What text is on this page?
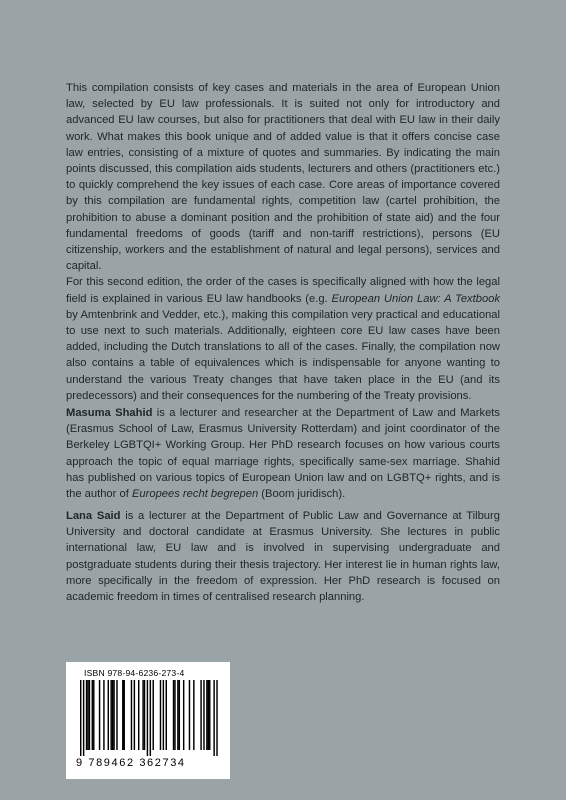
This compilation consists of key cases and materials in the area of European Union law, selected by EU law professionals. It is suited not only for introductory and advanced EU law courses, but also for practitioners that deal with EU law in their daily work. What makes this book unique and of added value is that it offers concise case law entries, consisting of a mixture of quotes and summaries. By indicating the main points discussed, this compilation aids students, lecturers and others (practitioners etc.) to quickly comprehend the key issues of each case. Core areas of importance covered by this compilation are fundamental rights, competition law (cartel prohibition, the prohibition to abuse a dominant position and the prohibition of state aid) and the four fundamental freedoms of goods (tariff and non-tariff restrictions), persons (EU citizenship, workers and the establishment of natural and legal persons), services and capital.

For this second edition, the order of the cases is specifically aligned with how the legal field is explained in various EU law handbooks (e.g. European Union Law: A Textbook by Amtenbrink and Vedder, etc.), making this compilation very practical and educational to use next to such materials. Additionally, eighteen core EU law cases have been added, including the Dutch translations to all of the cases. Finally, the compilation now also contains a table of equivalences which is indispensable for anyone wanting to understand the various Treaty changes that have taken place in the EU (and its predecessors) and their consequences for the numbering of the Treaty provisions.

Masuma Shahid is a lecturer and researcher at the Department of Law and Markets (Erasmus School of Law, Erasmus University Rotterdam) and joint coordinator of the Berkeley LGBTQI+ Working Group. Her PhD research focuses on how various courts approach the topic of equal marriage rights, specifically same-sex marriage. Shahid has published on various topics of European Union law and on LGBTQ+ rights, and is the author of Europees recht begrepen (Boom juridisch).

Lana Said is a lecturer at the Department of Public Law and Governance at Tilburg University and doctoral candidate at Erasmus University. She lectures in public international law, EU law and is involved in supervising undergraduate and postgraduate students during their thesis trajectory. Her interest lie in human rights law, more specifically in the freedom of expression. Her PhD research is focused on academic freedom in times of centralised research planning.

ISBN 978-94-6236-273-4
9 789462 362734
